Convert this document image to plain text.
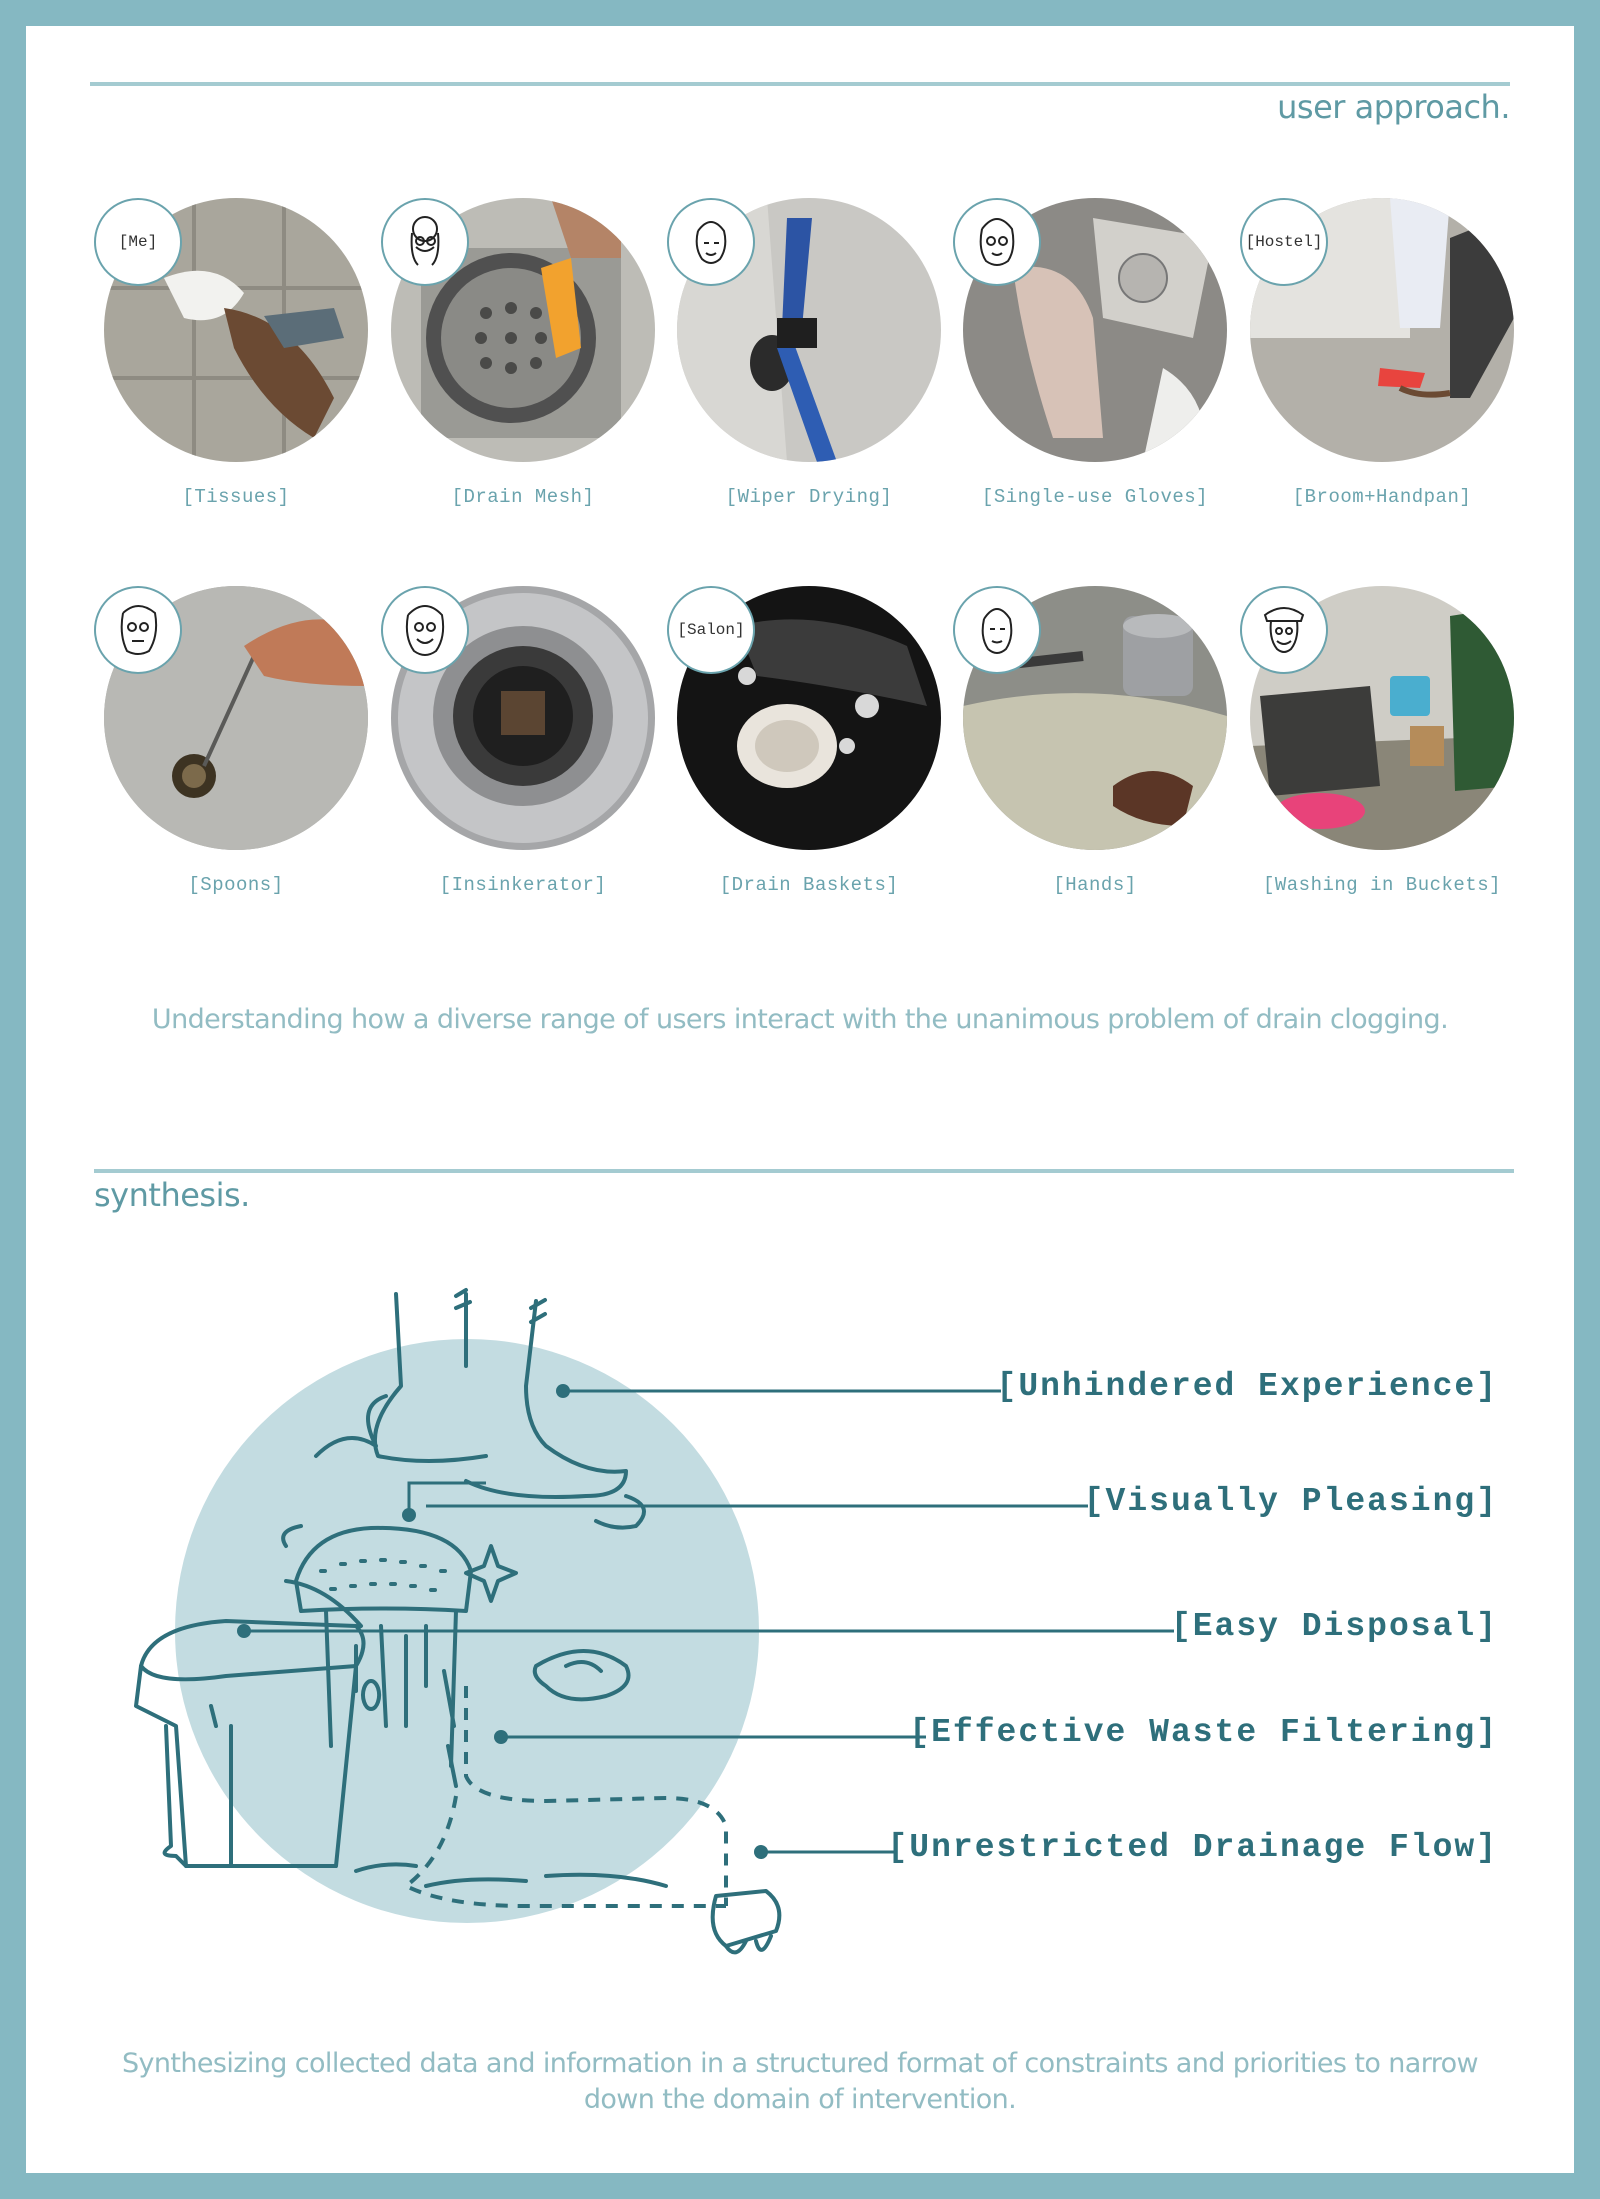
user approach.
[Me]
[Tissues]	[Drain Mesh]	[Wiper Drying]	[Single-use Gloves]
[Hostel]
[Broom+Handpan]
[Spoons]	[Insinkerator]
[Salon]
[Drain Baskets]	[Hands]	[Washing in Buckets]
Understanding how a diverse range of users interact with the unanimous problem of drain clogging.
synthesis.
[Unhindered Experience]
[Visually Pleasing]
[Easy Disposal]
[Effective Waste Filtering]
[Unrestricted Drainage Flow]
Synthesizing collected data and information in a structured format of constraints and priorities to narrow
down the domain of intervention.
